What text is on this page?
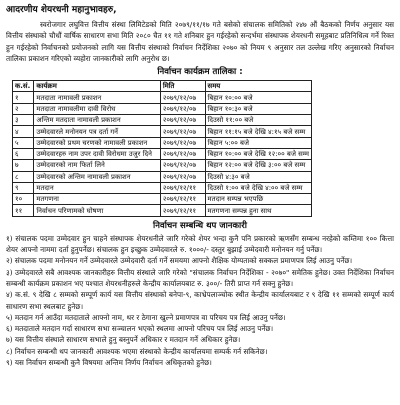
आदरणीय शेयरधनी महानुभावहरु,

स्वरोजगार लघुवित्त वित्तीय संस्था लिमिटेडको मिति २०७९/११/१७ गते बसेको संचालक समितिको २४७ औं बैठकको निर्णय अनुसार यस वित्तीय संस्थाको चौधौं वार्षिक साधारण सभा मिति २०८० चैत ११ गते शनिबार हुन गईरहेको सन्दर्भमा संस्थापक शेयरधनी समूहबाट प्रतिनिधित्व गर्ने रिक्त हुन गईरहेको निर्वाचनको प्रयोजनको लागि यस वित्तीय संस्थाको निर्वाचन निर्देशिका २०७० को नियम ९ अनुसार तल उल्लेख गरिए अनुसारको निर्वाचन तालिका प्रकाशन गरिएको व्यहोरा जानकारीको लागि अनुरोध छ।

निर्वाचन कार्यक्रम तालिका :
क.सं.	कार्यक्रम	मिति	समय
१	मतदाता नामावली प्रकाशन	२०७९/१२/०७	बिहान १०:०० बजे
२	मतदाता नामावलीमा दावी विरोध	२०७९/१२/०७	बिहान १०:३० बजे
३	अन्तिम मतदाता नामावली प्रकाशन	२०७९/१२/०७	दिउसो ११:०० बजे
४	उम्मेदवारले मनोनयन पत्र दर्ता गर्ने	२०७९/१२/०७	बिहान ११:१५ बजे देखि ४:१५ बजे सम्म
५	उम्मेदवारको प्रथम चरणको नामावली प्रकाशन	२०७९/१२/०७	बिहान ५:०० बजे
६	उम्मेदवारहरु नाम उपर दावी विरोधमा उजुर दिने	२०७९/१२/०७	बिहान १०:०० बजे देखि १२:०० बजे सम्म
७	उम्मेदवारको नाम फिर्ता लिने	२०७९/१२/०७	बिहान १२:०० बजे देखि ३:०० बजे सम्म
८	उम्मेदवारको अन्तिम नामावली प्रकाशन	२०७९/१२/०७	दिउसो ४:३० बजे
९	मतदान	२०७९/१२/११	दिउसो १:०० बजे देखि ४:०० बजे सम्म
१०	मतगणना	२०७९/१२/११	मतदान सम्पन्न भएपछि
११	निर्वाचन परिणामको घोषणा	२०७९/१२/११	मतगणना सम्पन्न हुना साथ
निर्वाचन सम्बन्धि थप जानकारी
१) संचालक पदमा उम्मेदवार हुन चाहने संस्थापक शेयरधनीले जारि गरेको शेयर भन्दा कुनै पनि प्रकारको ऋणसँग सम्बन्ध नरहेको कम्तिमा १०० कित्ता शेयर आफ्नो नाममा दर्ता हुनुपर्नेछ। संचालक हुन इच्छुक उम्मेदवारले रु. १०००/- दस्तुर बुझाई उम्मेदवारी मनोनयन गर्नु पर्नेछ।
२) संचालक पदमा मनोनयन गर्ने उम्मेदवारले उम्मेदवारी दर्ता गर्ने समयमा आफ्नो शैक्षिक योग्यताको सक्कल प्रमाणपत्र लिई आउनु पर्नेछ।
३) उम्मेदवारले सबै आवश्यक जानकारीहरु वित्तीय संस्थाले जारि गरेको "संचालक निर्वाचन निर्देशिका - २०७०" समेतिक हुनेछ। उक्त निर्देशिका निर्वाचन सम्बन्धी कार्यक्रम प्रकाशन भए पश्चात शेयरधनीहरुले केन्द्रीय कार्यालयबाट रु. ३००/- तिरी प्राप्त गर्न सक्नु हुनेछ।
४) क.सं. ९ देखि ८ सम्मको सम्पूर्ण कार्य यस वित्तीय संस्थाको बनेपा-९, काभ्रेपलाञ्चोक स्थीत केन्द्रीय कार्यालयबाट र ९ देखि ११ सम्मको सम्पूर्ण कार्य साधारण सभा स्थलबाट हुनेछ।
५) मतदान गर्न आउँदा मतदाताले आफ्नो नाम, थर र ठेगाना खुल्ने प्रमाणपत्र वा परिचय पत्र लिई आउनु पर्नेछ।
६) मतदाताले मतदान गर्दा साधारण सभा सञ्चालन भएको स्थलमा आफ्नो परिचय पत्र लिई आउनु पर्नेछ।
७) यस वित्तीय संस्थाले साधारण सभाले हुनु बस्नुपर्ने अधिकार र मतदान गर्ने अधिकार हुनेछ।
८) निर्वाचन सम्बन्धी थप जानकारी आवश्यक भएमा संस्थाको केन्द्रीय कार्यालयमा सम्पर्क गर्न सकिनेछ।
९) यस निर्वाचन सम्बन्धी कुनै विषयमा अन्तिम निर्णय निर्वाचन अधिकृतको हुनेछ।
